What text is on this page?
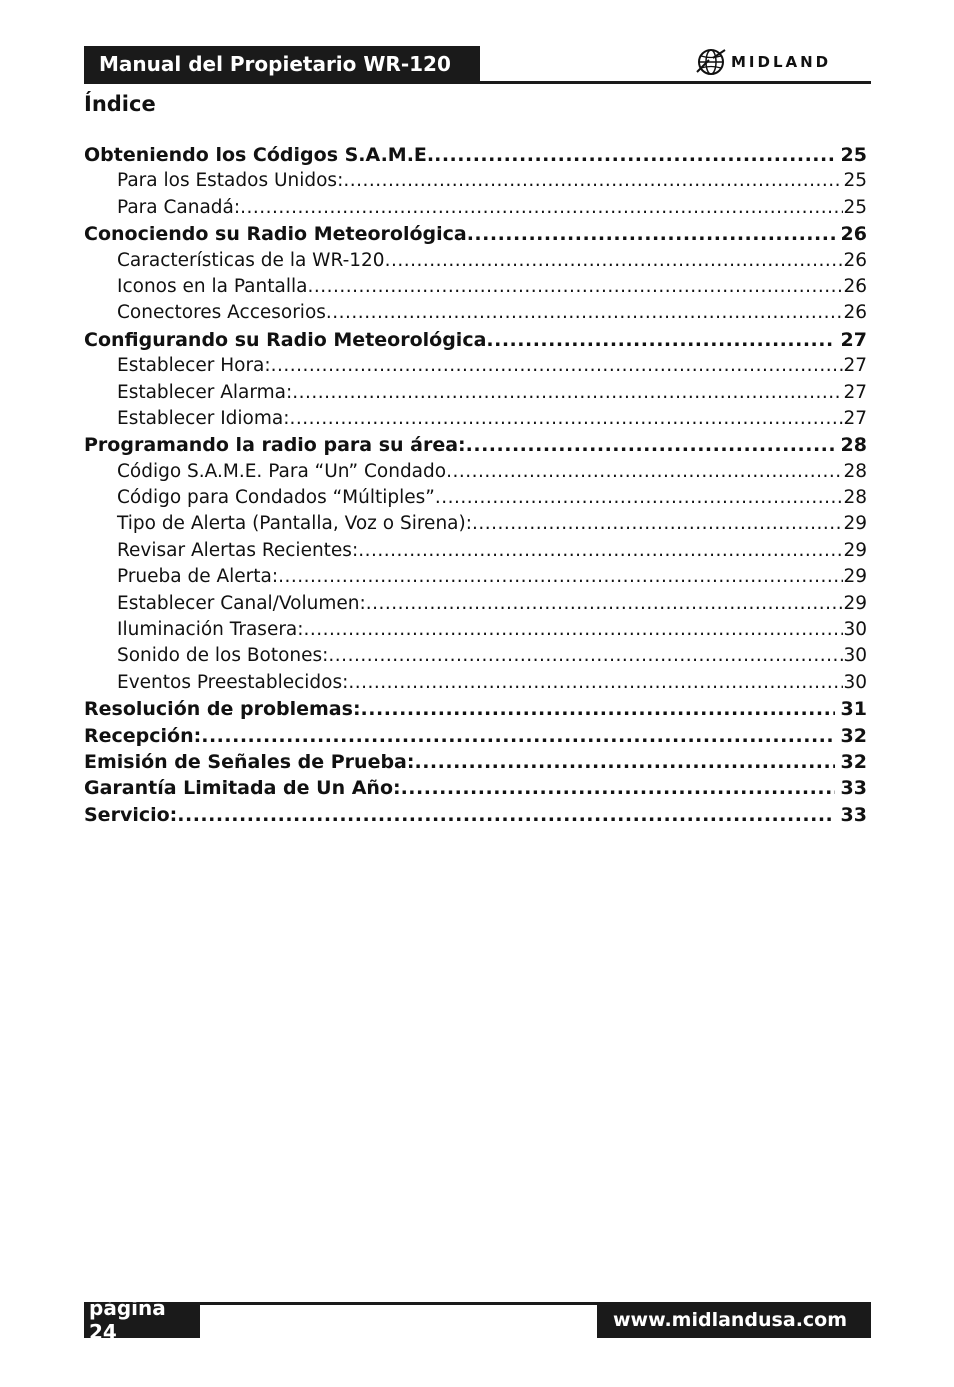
Manual del Propietario WR-120	MIDLAND
Índice
Obteniendo los Códigos S.A.M.E. .....	25
Para los Estados Unidos: .....	25
Para Canadá: .....	25
Conociendo su Radio Meteorológica .....	26
Características de la WR-120 .....	26
Iconos en la Pantalla .....	26
Conectores Accesorios .....	26
Configurando su Radio Meteorológica .....	27
Establecer Hora: .....	27
Establecer Alarma: .....	27
Establecer Idioma: .....	27
Programando la radio para su área: .....	28
Código S.A.M.E. Para “Un” Condado .....	28
Código para Condados “Múltiples” .....	28
Tipo de Alerta (Pantalla, Voz o Sirena): .....	29
Revisar Alertas Recientes: .....	29
Prueba de Alerta: .....	29
Establecer Canal/Volumen: .....	29
Iluminación Trasera: .....	30
Sonido de los Botones: .....	30
Eventos Preestablecidos: .....	30
Resolución de problemas: .....	31
Recepción: .....	32
Emisión de Señales de Prueba: .....	32
Garantía Limitada de Un Año: .....	33
Servicio: .....	33
página 24	www.midlandusa.com
